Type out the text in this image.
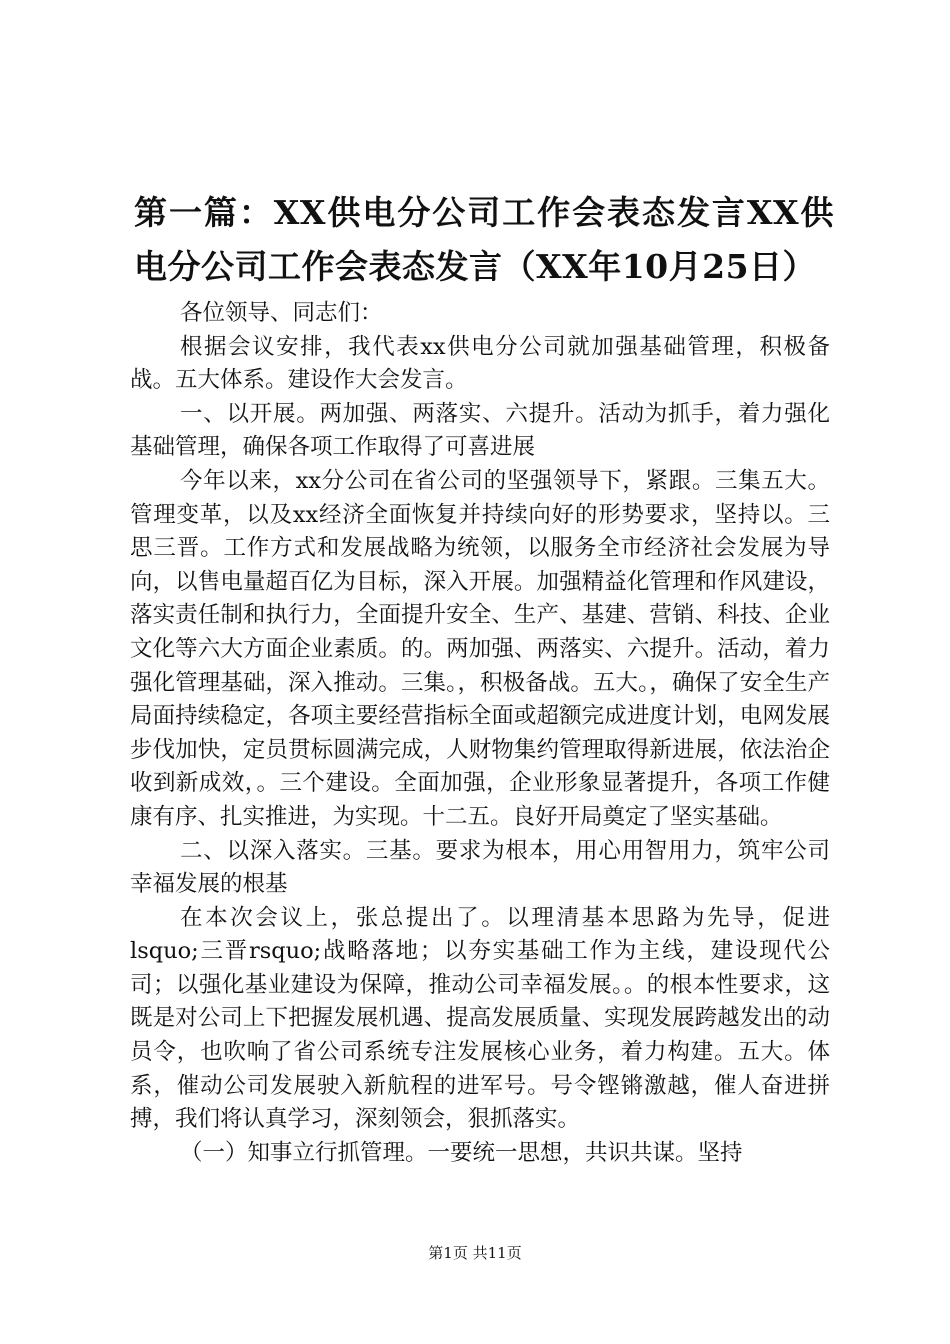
第一篇：XX供电分公司工作会表态发言XX供电分公司工作会表态发言（XX年10月25日）

各位领导、同志们：

根据会议安排，我代表xx供电分公司就加强基础管理，积极备战。五大体系。建设作大会发言。

一、以开展。两加强、两落实、六提升。活动为抓手，着力强化基础管理，确保各项工作取得了可喜进展

今年以来，xx分公司在省公司的坚强领导下，紧跟。三集五大。管理变革，以及xx经济全面恢复并持续向好的形势要求，坚持以。三思三晋。工作方式和发展战略为统领，以服务全市经济社会发展为导向，以售电量超百亿为目标，深入开展。加强精益化管理和作风建设，落实责任制和执行力，全面提升安全、生产、基建、营销、科技、企业文化等六大方面企业素质。的。两加强、两落实、六提升。活动，着力强化管理基础，深入推动。三集。，积极备战。五大。，确保了安全生产局面持续稳定，各项主要经营指标全面或超额完成进度计划，电网发展步伐加快，定员贯标圆满完成，人财物集约管理取得新进展，依法治企收到新成效，。三个建设。全面加强，企业形象显著提升，各项工作健康有序、扎实推进，为实现。十二五。良好开局奠定了坚实基础。

二、以深入落实。三基。要求为根本，用心用智用力，筑牢公司幸福发展的根基

在本次会议上，张总提出了。以理清基本思路为先导，促进lsquo;三晋rsquo;战略落地；以夯实基础工作为主线，建设现代公司；以强化基业建设为保障，推动公司幸福发展。。的根本性要求，这既是对公司上下把握发展机遇、提高发展质量、实现发展跨越发出的动员令，也吹响了省公司系统专注发展核心业务，着力构建。五大。体系，催动公司发展驶入新航程的进军号。号令铿锵激越，催人奋进拼搏，我们将认真学习，深刻领会，狠抓落实。

（一）知事立行抓管理。一要统一思想，共识共谋。坚持

第1页 共11页
